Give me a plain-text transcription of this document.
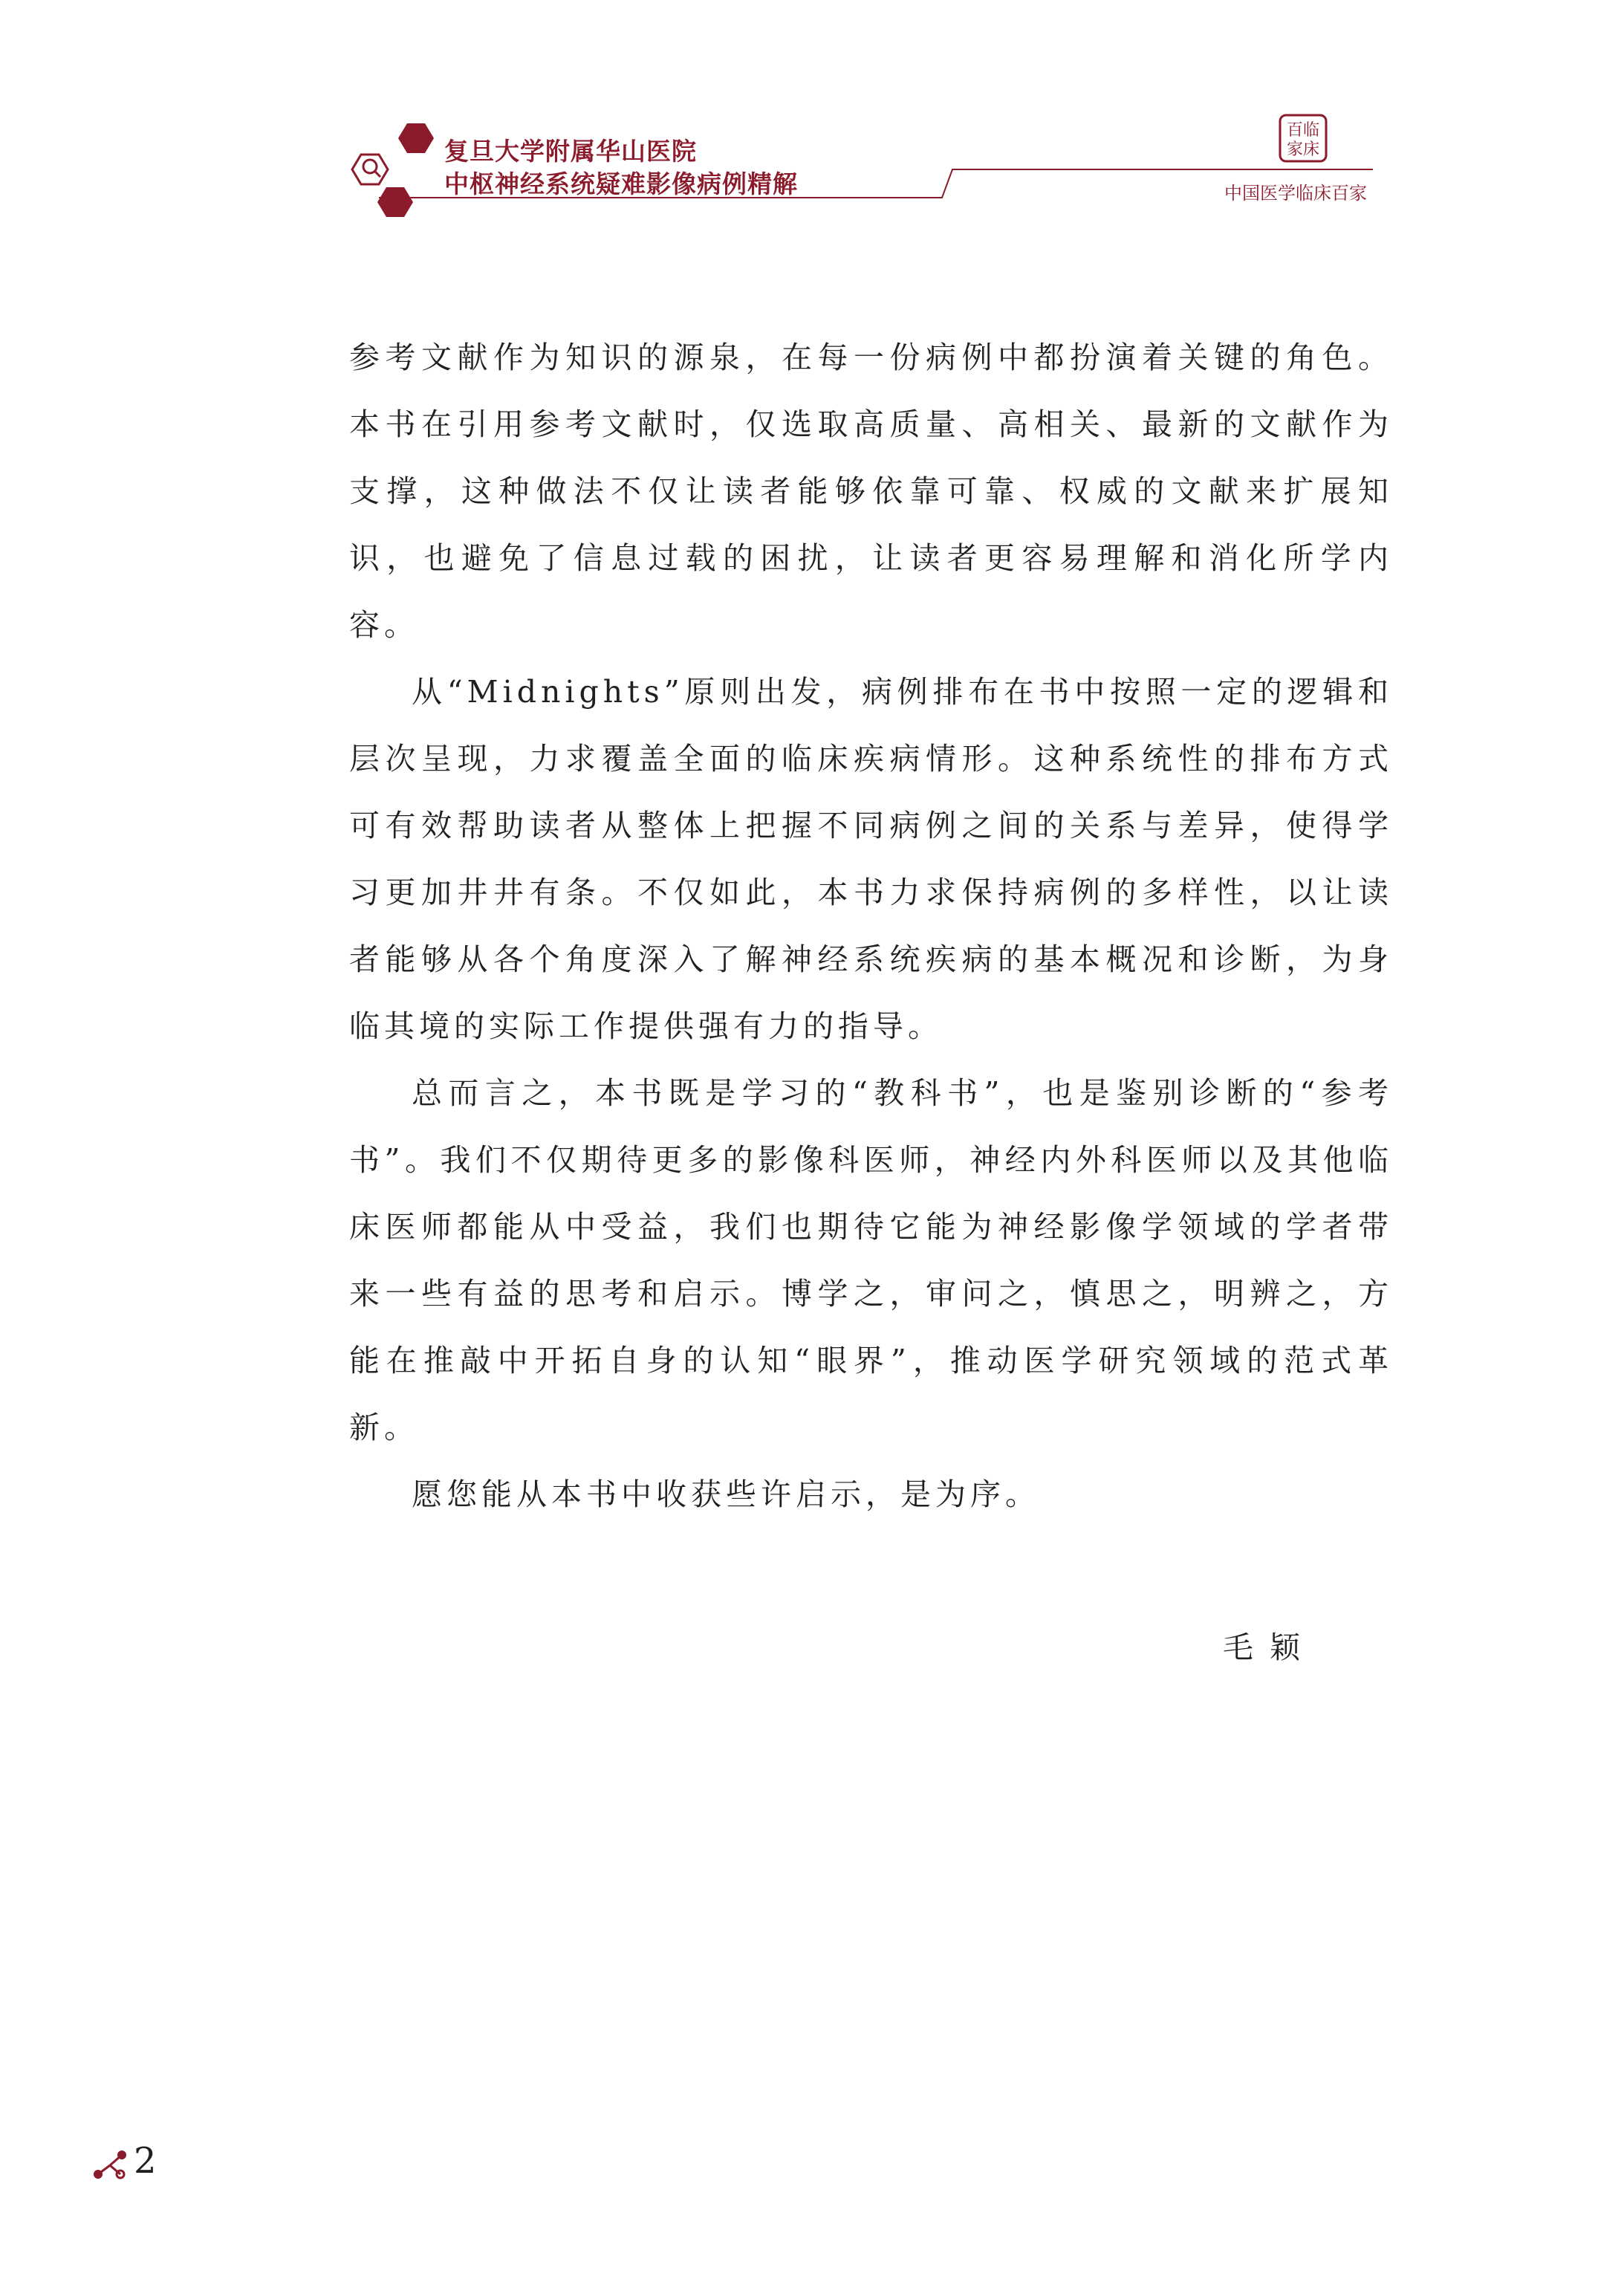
复旦大学附属华山医院
中枢神经系统疑难影像病例精解
百临
家床
中国医学临床百家

参考文献作为知识的源泉，在每一份病例中都扮演着关键的角色。本书在引用参考文献时，仅选取高质量、高相关、最新的文献作为支撑，这种做法不仅让读者能够依靠可靠、权威的文献来扩展知识，也避免了信息过载的困扰，让读者更容易理解和消化所学内容。

从“Midnights”原则出发，病例排布在书中按照一定的逻辑和层次呈现，力求覆盖全面的临床疾病情形。这种系统性的排布方式可有效帮助读者从整体上把握不同病例之间的关系与差异，使得学习更加井井有条。不仅如此，本书力求保持病例的多样性，以让读者能够从各个角度深入了解神经系统疾病的基本概况和诊断，为身临其境的实际工作提供强有力的指导。

总而言之，本书既是学习的“教科书”，也是鉴别诊断的“参考书”。我们不仅期待更多的影像科医师，神经内外科医师以及其他临床医师都能从中受益，我们也期待它能为神经影像学领域的学者带来一些有益的思考和启示。博学之，审问之，慎思之，明辨之，方能在推敲中开拓自身的认知“眼界”，推动医学研究领域的范式革新。

愿您能从本书中收获些许启示，是为序。

毛颖
2
